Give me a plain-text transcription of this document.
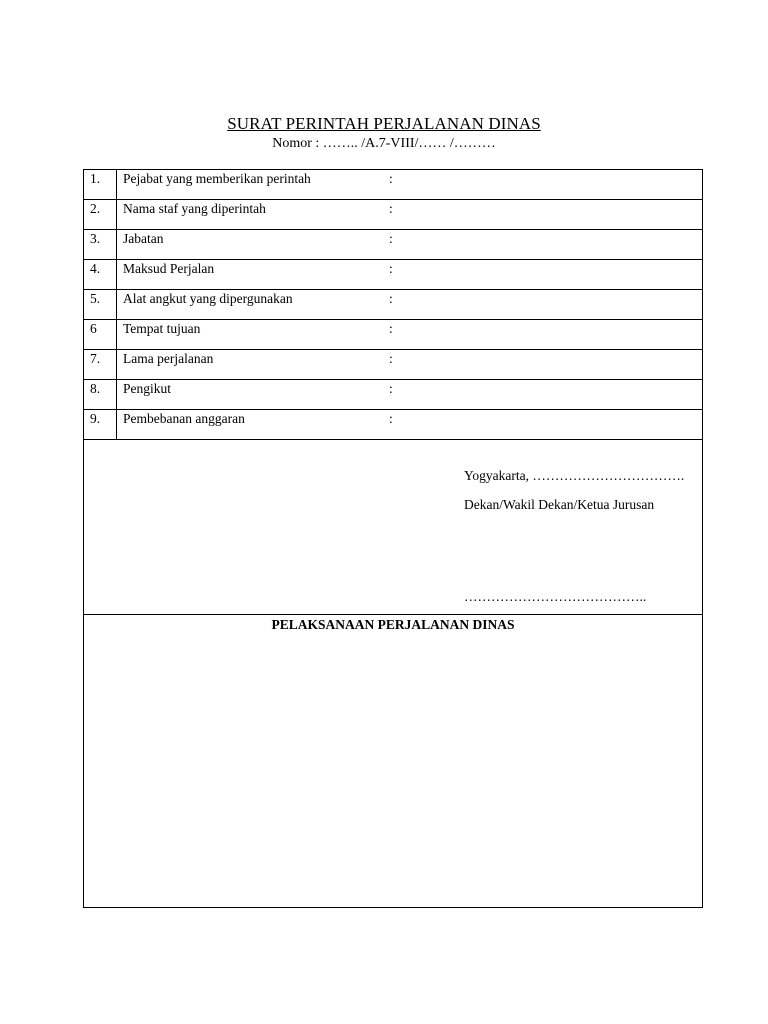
SURAT PERINTAH PERJALANAN DINAS
Nomor : …….. /A.7-VIII/…… /………
1. Pejabat yang memberikan perintah	:
2. Nama staf yang diperintah	:
3. Jabatan	:
4. Maksud Perjalan	:
5. Alat angkut yang dipergunakan	:
6 Tempat tujuan	:
7. Lama perjalanan	:
8. Pengikut	:
9. Pembebanan anggaran	:
Yogyakarta, …………………………….
Dekan/Wakil Dekan/Ketua Jurusan
…………………………………..
PELAKSANAAN PERJALANAN DINAS
